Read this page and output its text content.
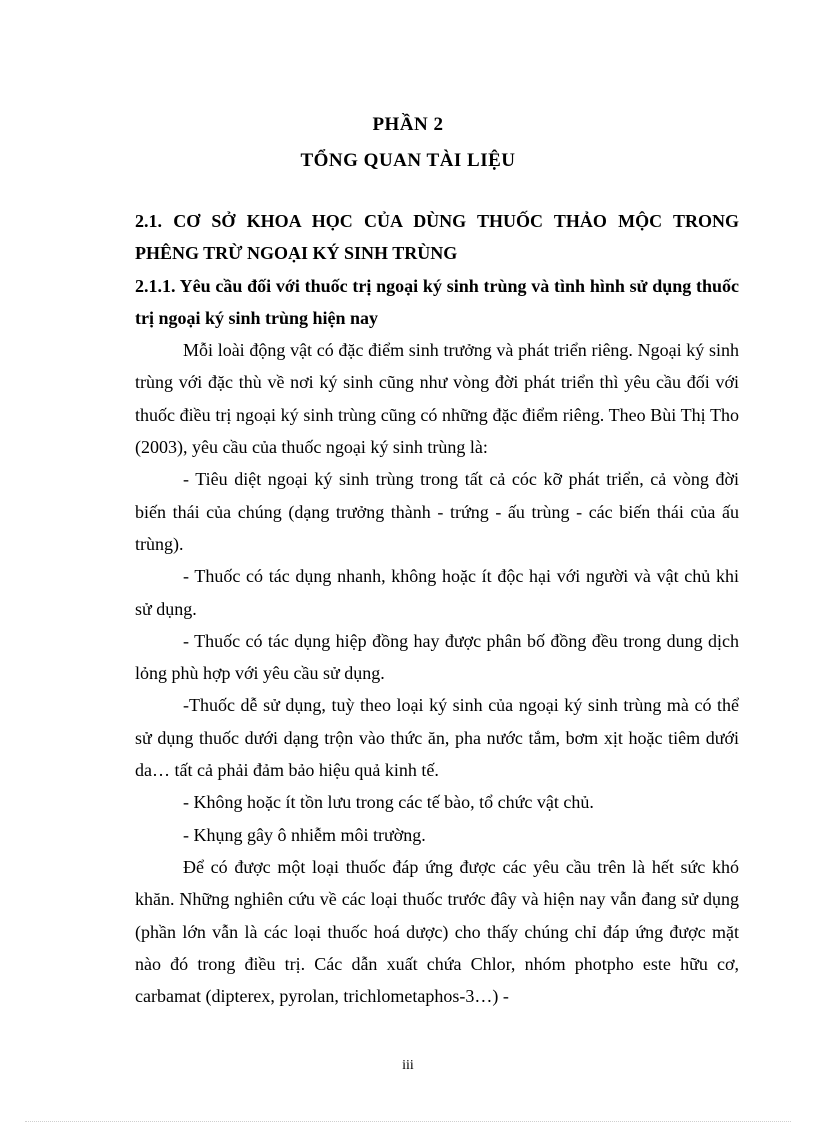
PHẦN 2
TỔNG QUAN TÀI LIỆU

2.1. CƠ SỞ KHOA HỌC CỦA DÙNG THUỐC THẢO MỘC TRONG PHÊNG TRỪ NGOẠI KÝ SINH TRÙNG

2.1.1. Yêu cầu đối với thuốc trị ngoại ký sinh trùng và tình hình sử dụng thuốc trị ngoại ký sinh trùng hiện nay

Mỗi loài động vật có đặc điểm sinh trưởng và phát triển riêng. Ngoại ký sinh trùng với đặc thù về nơi ký sinh cũng như vòng đời phát triển thì yêu cầu đối với thuốc điều trị ngoại ký sinh trùng cũng có những đặc điểm riêng. Theo Bùi Thị Tho (2003), yêu cầu của thuốc ngoại ký sinh trùng là:

- Tiêu diệt ngoại ký sinh trùng trong tất cả cóc kỡ phát triển, cả vòng đời biến thái của chúng (dạng trưởng thành - trứng - ấu trùng - các biến thái của ấu trùng).

- Thuốc có tác dụng nhanh, không hoặc ít độc hại với người và vật chủ khi sử dụng.

- Thuốc có tác dụng hiệp đồng hay được phân bố đồng đều trong dung dịch lỏng phù hợp với yêu cầu sử dụng.

-Thuốc dễ sử dụng, tuỳ theo loại ký sinh của ngoại ký sinh trùng mà có thể sử dụng thuốc dưới dạng trộn vào thức ăn, pha nước tắm, bơm xịt hoặc tiêm dưới da… tất cả phải đảm bảo hiệu quả kinh tế.

- Không hoặc ít tồn lưu trong các tế bào, tổ chức vật chủ.

- Khụng gây ô nhiễm môi trường.

Để có được một loại thuốc đáp ứng được các yêu cầu trên là hết sức khó khăn. Những nghiên cứu về các loại thuốc trước đây và hiện nay vẫn đang sử dụng (phần lớn vẫn là các loại thuốc hoá dược) cho thấy chúng chỉ đáp ứng được mặt nào đó trong điều trị. Các dẫn xuất chứa Chlor, nhóm photpho este hữu cơ, carbamat (dipterex, pyrolan, trichlometaphos-3…) -

iii
